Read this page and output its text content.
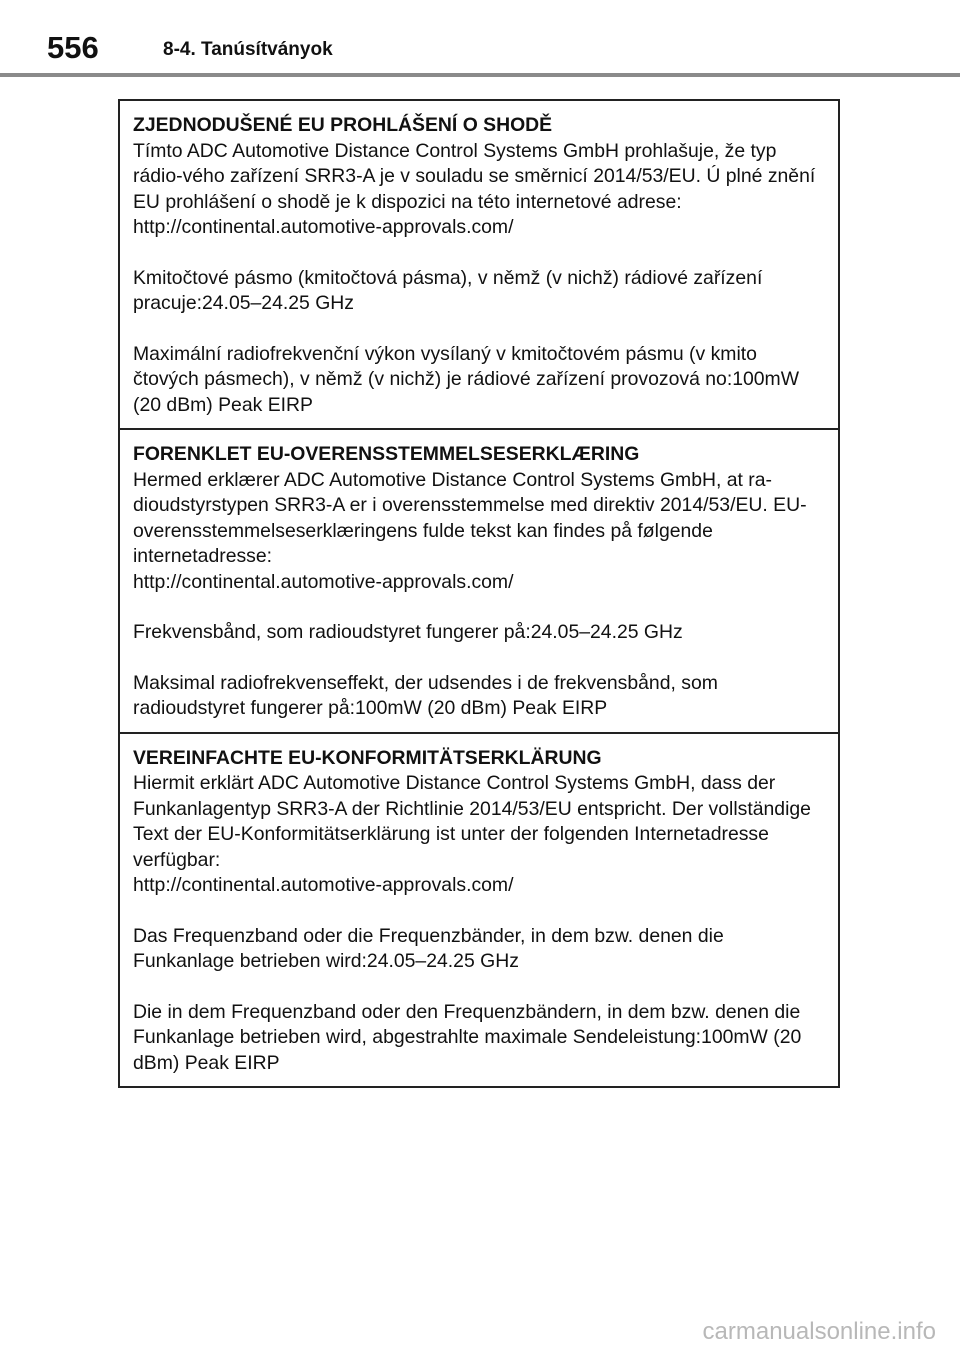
556	8-4. Tanúsítványok
ZJEDNODUŠENÉ EU PROHLÁŠENÍ O SHODĚ

Tímto ADC Automotive Distance Control Systems GmbH prohlašuje, že typ rádio-vého zařízení SRR3-A je v souladu se směrnicí 2014/53/EU. Ú plné znění EU prohlášení o shodě je k dispozici na této internetové adrese:

http://continental.automotive-approvals.com/

Kmitočtové pásmo (kmitočtová pásma), v němž (v nichž) rádiové zařízení pracuje:24.05–24.25 GHz

Maximální radiofrekvenční výkon vysílaný v kmitočtovém pásmu (v kmito čtových pásmech), v němž (v nichž) je rádiové zařízení provozová no:100mW (20 dBm) Peak EIRP

FORENKLET EU-OVERENSSTEMMELSESERKLÆRING

Hermed erklærer ADC Automotive Distance Control Systems GmbH, at ra-dioudstyrstypen SRR3-A er i overensstemmelse med direktiv 2014/53/EU. EU-overensstemmelseserklæringens fulde tekst kan findes på følgende internetadresse:

http://continental.automotive-approvals.com/

Frekvensbånd, som radioudstyret fungerer på:24.05–24.25 GHz

Maksimal radiofrekvenseffekt, der udsendes i de frekvensbånd, som radioudstyret fungerer på:100mW (20 dBm) Peak EIRP

VEREINFACHTE EU-KONFORMITÄTSERKLÄRUNG

Hiermit erklärt ADC Automotive Distance Control Systems GmbH, dass der Funkanlagentyp SRR3-A der Richtlinie 2014/53/EU entspricht. Der vollständige Text der EU-Konformitätserklärung ist unter der folgenden Internetadresse verfügbar:

http://continental.automotive-approvals.com/

Das Frequenzband oder die Frequenzbänder, in dem bzw. denen die Funkanlage betrieben wird:24.05–24.25 GHz

Die in dem Frequenzband oder den Frequenzbändern, in dem bzw. denen die Funkanlage betrieben wird, abgestrahlte maximale Sendeleistung:100mW (20 dBm) Peak EIRP

carmanualsonline.info
